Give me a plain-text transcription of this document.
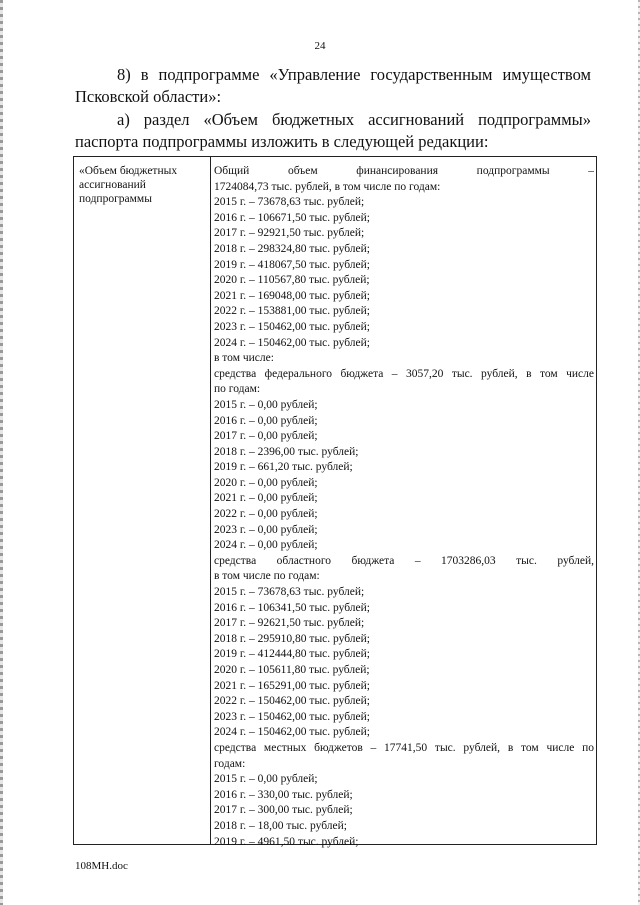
24
8) в подпрограмме «Управление государственным имуществом
Псковской области»:
а) раздел «Объем бюджетных ассигнований подпрограммы»
паспорта подпрограммы изложить в следующей редакции:
«Объем бюджетных
ассигнований
подпрограммы
Общий объем финансирования подпрограммы –
1724084,73 тыс. рублей, в том числе по годам:
2015 г. – 73678,63 тыс. рублей;
2016 г. – 106671,50 тыс. рублей;
2017 г. – 92921,50 тыс. рублей;
2018 г. – 298324,80 тыс. рублей;
2019 г. – 418067,50 тыс. рублей;
2020 г. – 110567,80 тыс. рублей;
2021 г. – 169048,00 тыс. рублей;
2022 г. – 153881,00 тыс. рублей;
2023 г. – 150462,00 тыс. рублей;
2024 г. – 150462,00 тыс. рублей;
в том числе:
средства федерального бюджета – 3057,20 тыс. рублей, в том числе
по годам:
2015 г. – 0,00 рублей;
2016 г. – 0,00 рублей;
2017 г. – 0,00 рублей;
2018 г. – 2396,00 тыс. рублей;
2019 г. – 661,20 тыс. рублей;
2020 г. – 0,00 рублей;
2021 г. – 0,00 рублей;
2022 г. – 0,00 рублей;
2023 г. – 0,00 рублей;
2024 г. – 0,00 рублей;
средства областного бюджета – 1703286,03 тыс. рублей,
в том числе по годам:
2015 г. – 73678,63 тыс. рублей;
2016 г. – 106341,50 тыс. рублей;
2017 г. – 92621,50 тыс. рублей;
2018 г. – 295910,80 тыс. рублей;
2019 г. – 412444,80 тыс. рублей;
2020 г. – 105611,80 тыс. рублей;
2021 г. – 165291,00 тыс. рублей;
2022 г. – 150462,00 тыс. рублей;
2023 г. – 150462,00 тыс. рублей;
2024 г. – 150462,00 тыс. рублей;
средства местных бюджетов – 17741,50 тыс. рублей, в том числе по
годам:
2015 г. – 0,00 рублей;
2016 г. – 330,00 тыс. рублей;
2017 г. – 300,00 тыс. рублей;
2018 г. – 18,00 тыс. рублей;
2019 г. – 4961,50 тыс. рублей;
108МН.doc
